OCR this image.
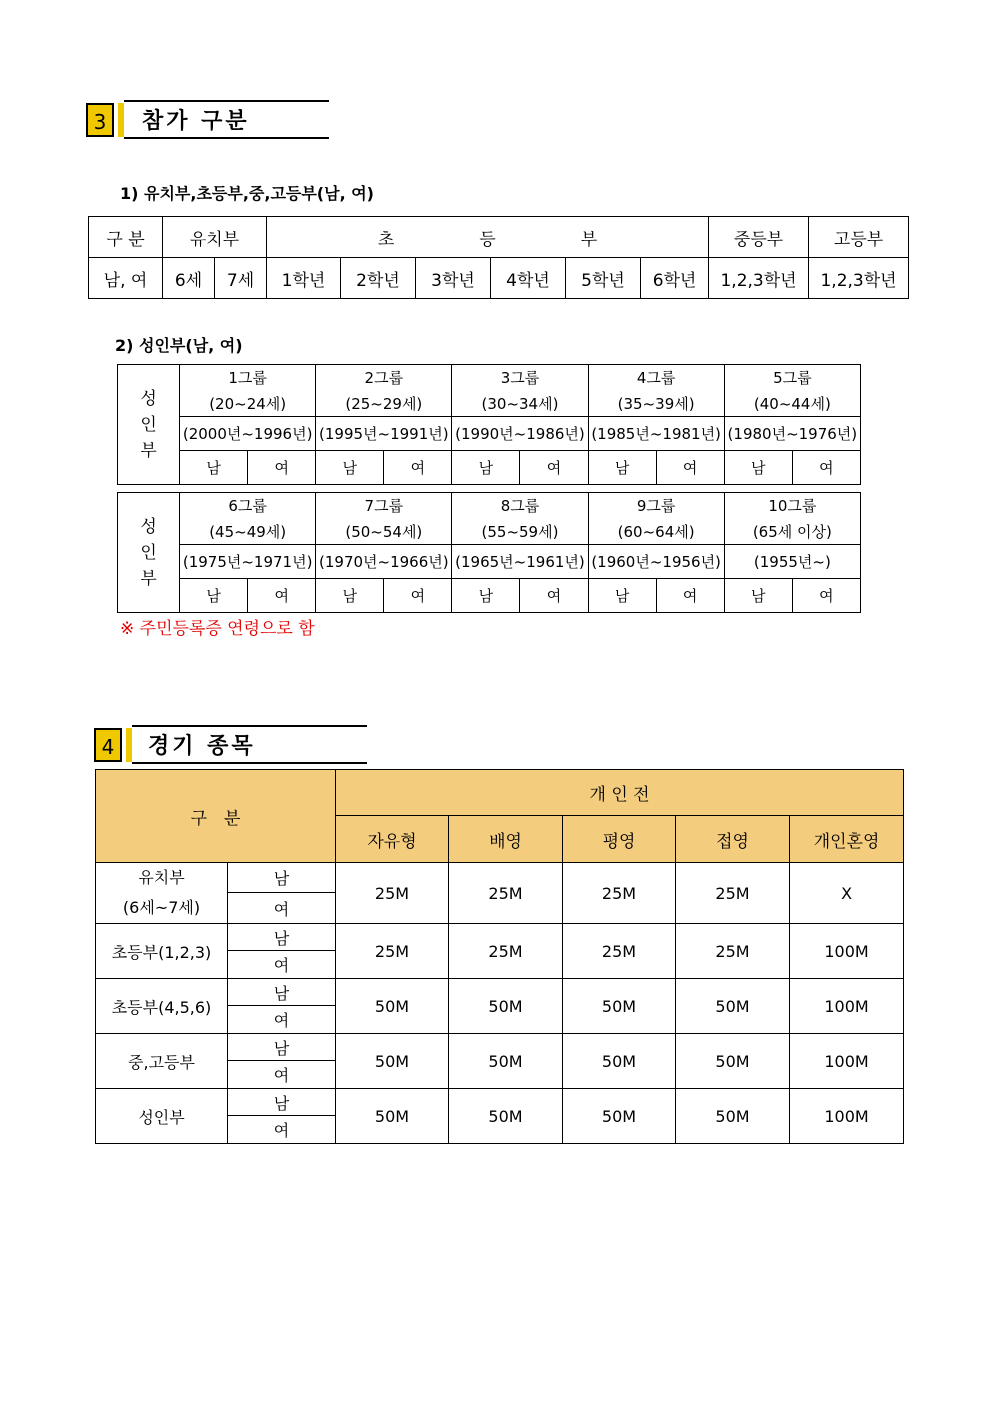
3	참가 구분
1) 유치부,초등부,중,고등부(남, 여)
구 분	유치부		초　　　　　등　　　　　부						중등부	고등부
남, 여	6세	7세	1학년	2학년	3학년	4학년	5학년	6학년	1,2,3학년	1,2,3학년
2) 성인부(남, 여)
성
인
부	1그룹		2그룹		3그룹		4그룹		5그룹	
	(20~24세)		(25~29세)		(30~34세)		(35~39세)		(40~44세)	
	(2000년~1996년)		(1995년~1991년)		(1990년~1986년)		(1985년~1981년)		(1980년~1976년)	
	남	여	남	여	남	여	남	여	남	여
성
인
부	6그룹		7그룹		8그룹		9그룹		10그룹	
	(45~49세)		(50~54세)		(55~59세)		(60~64세)		(65세 이상)	
	(1975년~1971년)		(1970년~1966년)		(1965년~1961년)		(1960년~1956년)		(1955년~)	
	남	여	남	여	남	여	남	여	남	여
※ 주민등록증 연령으로 함
4	경기 종목
구　분		개 인 전				
		자유형	배영	평영	접영	개인혼영

유치부
(6세~7세)	남	25M	25M	25M	25M	X
	여					
초등부(1,2,3)	남	25M	25M	25M	25M	100M
	여					
초등부(4,5,6)	남	50M	50M	50M	50M	100M
	여					
중,고등부	남	50M	50M	50M	50M	100M
	여					
성인부	남	50M	50M	50M	50M	100M
	여					
